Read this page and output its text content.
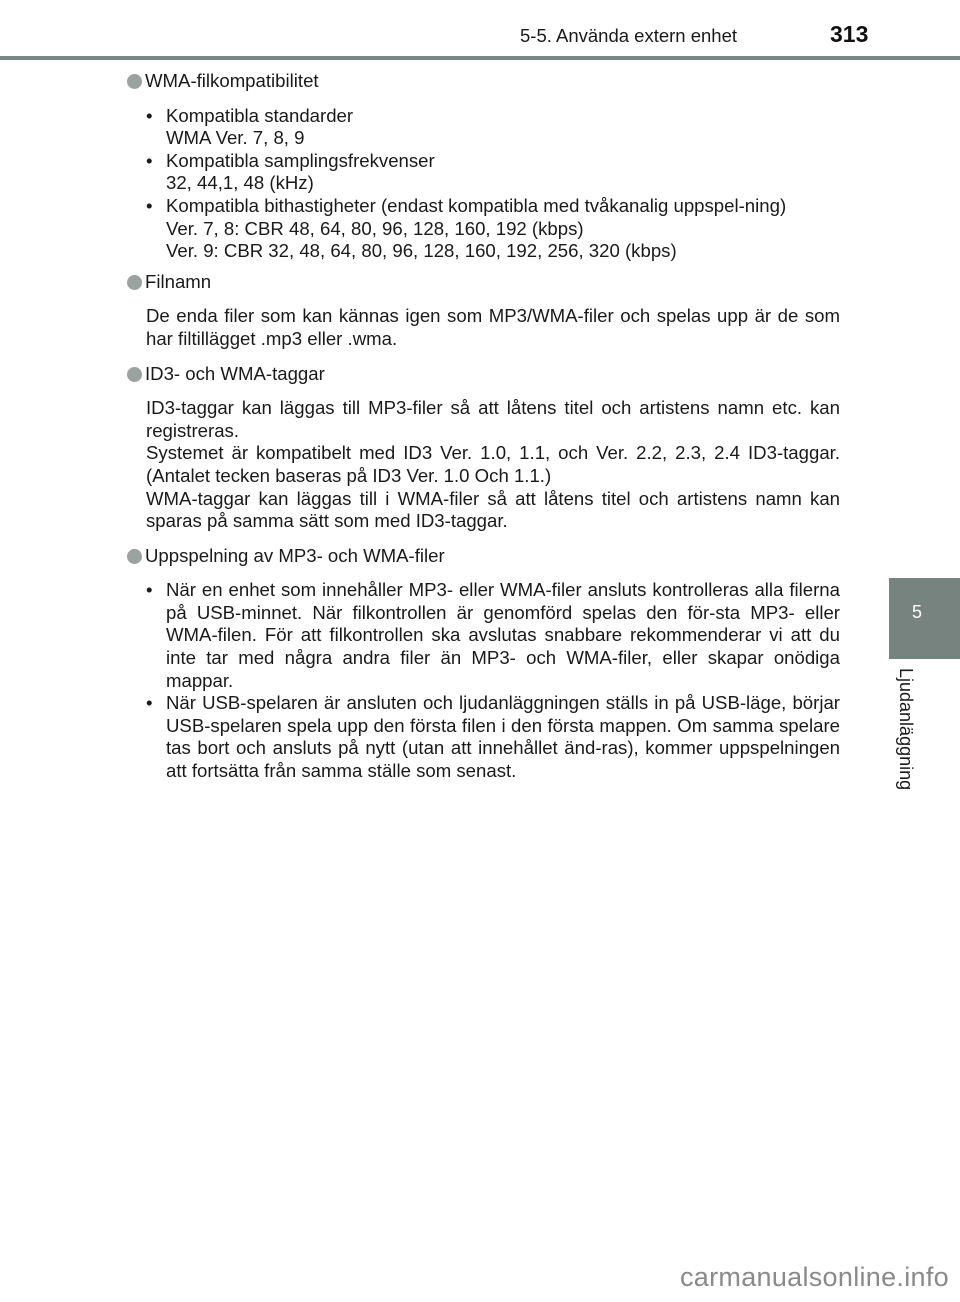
5-5. Använda extern enhet	313
5
Ljudanläggning
WMA-filkompatibilitet
• Kompatibla standarder
WMA Ver. 7, 8, 9
• Kompatibla samplingsfrekvenser
32, 44,1, 48 (kHz)
• Kompatibla bithastigheter (endast kompatibla med tvåkanalig uppspel-ning)
Ver. 7, 8: CBR 48, 64, 80, 96, 128, 160, 192 (kbps)
Ver. 9: CBR 32, 48, 64, 80, 96, 128, 160, 192, 256, 320 (kbps)
Filnamn
De enda filer som kan kännas igen som MP3/WMA-filer och spelas upp är de som har filtillägget .mp3 eller .wma.
ID3- och WMA-taggar
ID3-taggar kan läggas till MP3-filer så att låtens titel och artistens namn etc. kan registreras.
Systemet är kompatibelt med ID3 Ver. 1.0, 1.1, och Ver. 2.2, 2.3, 2.4 ID3-taggar. (Antalet tecken baseras på ID3 Ver. 1.0 Och 1.1.)
WMA-taggar kan läggas till i WMA-filer så att låtens titel och artistens namn kan sparas på samma sätt som med ID3-taggar.
Uppspelning av MP3- och WMA-filer
• När en enhet som innehåller MP3- eller WMA-filer ansluts kontrolleras alla filerna på USB-minnet. När filkontrollen är genomförd spelas den för-sta MP3- eller WMA-filen. För att filkontrollen ska avslutas snabbare rekommenderar vi att du inte tar med några andra filer än MP3- och WMA-filer, eller skapar onödiga mappar.
• När USB-spelaren är ansluten och ljudanläggningen ställs in på USB-läge, börjar USB-spelaren spela upp den första filen i den första mappen. Om samma spelare tas bort och ansluts på nytt (utan att innehållet änd-ras), kommer uppspelningen att fortsätta från samma ställe som senast.
carmanualsonline.info
